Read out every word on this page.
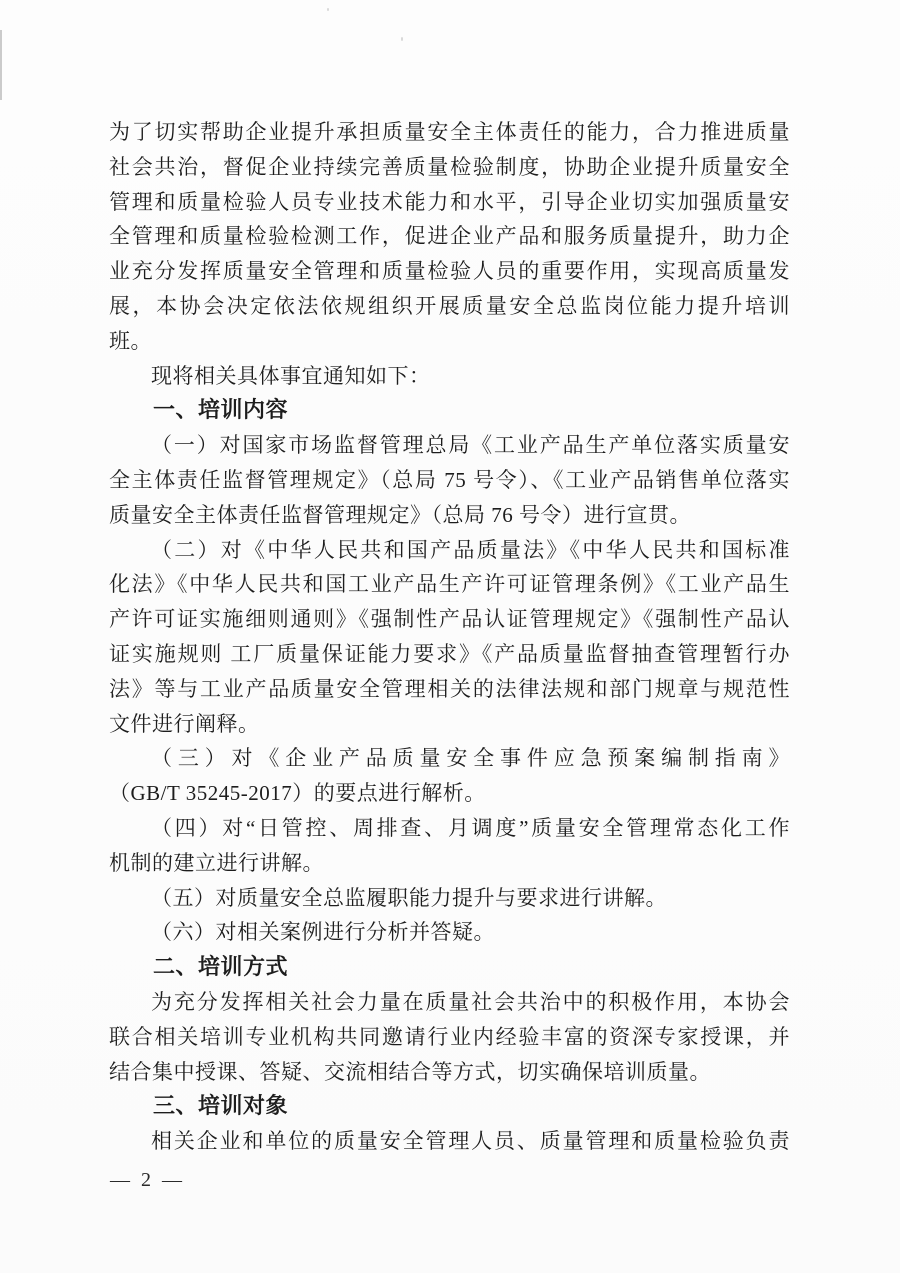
为了切实帮助企业提升承担质量安全主体责任的能力，合力推进质量
社会共治，督促企业持续完善质量检验制度，协助企业提升质量安全
管理和质量检验人员专业技术能力和水平，引导企业切实加强质量安
全管理和质量检验检测工作，促进企业产品和服务质量提升，助力企
业充分发挥质量安全管理和质量检验人员的重要作用，实现高质量发
展，本协会决定依法依规组织开展质量安全总监岗位能力提升培训
班。
现将相关具体事宜通知如下：
一、培训内容
（一）对国家市场监督管理总局《工业产品生产单位落实质量安
全主体责任监督管理规定》（总局 75 号令）、《工业产品销售单位落实
质量安全主体责任监督管理规定》（总局 76 号令）进行宣贯。
（二）对《中华人民共和国产品质量法》《中华人民共和国标准
化法》《中华人民共和国工业产品生产许可证管理条例》《工业产品生
产许可证实施细则通则》《强制性产品认证管理规定》《强制性产品认
证实施规则 工厂质量保证能力要求》《产品质量监督抽查管理暂行办
法》等与工业产品质量安全管理相关的法律法规和部门规章与规范性
文件进行阐释。
（三）对《企业产品质量安全事件应急预案编制指南》
（GB/T 35245-2017）的要点进行解析。
（四）对“日管控、周排查、月调度”质量安全管理常态化工作
机制的建立进行讲解。
（五）对质量安全总监履职能力提升与要求进行讲解。
（六）对相关案例进行分析并答疑。
二、培训方式
为充分发挥相关社会力量在质量社会共治中的积极作用，本协会
联合相关培训专业机构共同邀请行业内经验丰富的资深专家授课，并
结合集中授课、答疑、交流相结合等方式，切实确保培训质量。
三、培训对象
相关企业和单位的质量安全管理人员、质量管理和质量检验负责
— 2 —
